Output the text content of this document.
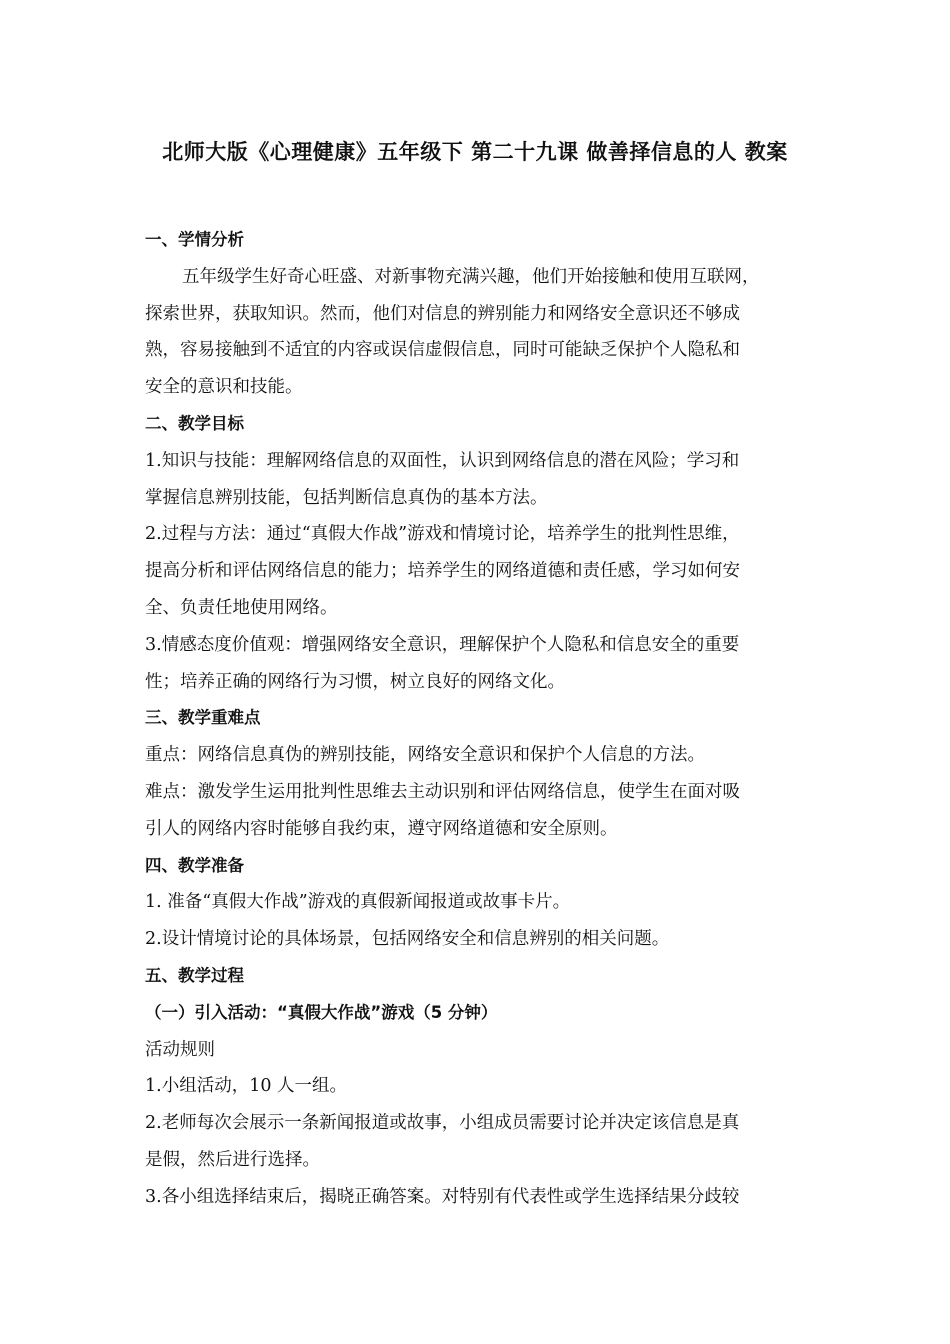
北师大版《心理健康》五年级下 第二十九课 做善择信息的人 教案

一、学情分析

五年级学生好奇心旺盛、对新事物充满兴趣，他们开始接触和使用互联网，

探索世界，获取知识。然而，他们对信息的辨别能力和网络安全意识还不够成

熟，容易接触到不适宜的内容或误信虚假信息，同时可能缺乏保护个人隐私和

安全的意识和技能。

二、教学目标

1.知识与技能：理解网络信息的双面性，认识到网络信息的潜在风险；学习和

掌握信息辨别技能，包括判断信息真伪的基本方法。

2.过程与方法：通过“真假大作战”游戏和情境讨论，培养学生的批判性思维，

提高分析和评估网络信息的能力；培养学生的网络道德和责任感，学习如何安

全、负责任地使用网络。

3.情感态度价值观：增强网络安全意识，理解保护个人隐私和信息安全的重要

性；培养正确的网络行为习惯，树立良好的网络文化。

三、教学重难点

重点：网络信息真伪的辨别技能，网络安全意识和保护个人信息的方法。

难点：激发学生运用批判性思维去主动识别和评估网络信息，使学生在面对吸

引人的网络内容时能够自我约束，遵守网络道德和安全原则。

四、教学准备

1. 准备“真假大作战”游戏的真假新闻报道或故事卡片。

2.设计情境讨论的具体场景，包括网络安全和信息辨别的相关问题。

五、教学过程

（一）引入活动：“真假大作战”游戏（5 分钟）

活动规则

1.小组活动，10 人一组。

2.老师每次会展示一条新闻报道或故事，小组成员需要讨论并决定该信息是真

是假，然后进行选择。

3.各小组选择结束后，揭晓正确答案。对特别有代表性或学生选择结果分歧较
